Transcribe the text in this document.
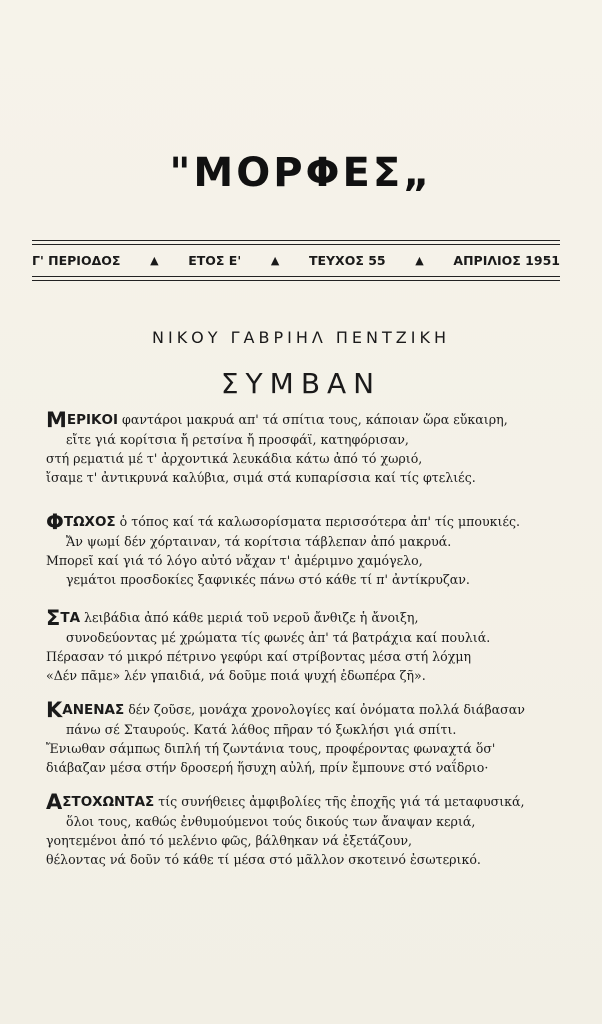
"ΜΟΡΦΕΣ„
Γ' ΠΕΡΙΟΔΟΣ	▲ ΕΤΟΣ Ε'	▲ ΤΕΥΧΟΣ 55	▲ ΑΠΡΙΛΙΟΣ 1951
ΝΙΚΟΥ ΓΑΒΡΙΗΛ ΠΕΝΤΖΙΚΗ
ΣΥΜΒΑΝ
ΜΕΡΙΚΟΙ φαντάροι μακρυά απ' τά σπίτια τους, κάποιαν ὥρα εὔκαιρη,
εἴτε γιά κορίτσια ἤ ρετσίνα ἤ προσφάϊ, κατηφόρισαν,
στή ρεματιά μέ τ' ἀρχοντικά λευκάδια κάτω ἀπό τό χωριό,
ἴσαμε τ' ἀντικρυνά καλύβια, σιμά στά κυπαρίσσια καί τίς φτελιές.
ΦΤΩΧΟΣ ὁ τόπος καί τά καλωσορίσματα περισσότερα ἀπ' τίς μπουκιές.
Ἄν ψωμί δέν χόρταιναν, τά κορίτσια τάβλεπαν ἀπό μακρυά.
Μπορεῖ καί γιά τό λόγο αὐτό νἄχαν τ' ἀμέριμνο χαμόγελο,
γεμάτοι προσδοκίες ξαφνικές πάνω στό κάθε τί π' ἀντίκρυζαν.
ΣΤΑ λειβάδια ἀπό κάθε μεριά τοῦ νεροῦ ἄνθιζε ἡ ἄνοιξη,
συνοδεύοντας μέ χρώματα τίς φωνές ἀπ' τά βατράχια καί πουλιά.
Πέρασαν τό μικρό πέτρινο γεφύρι καί στρίβοντας μέσα στή λόχμη
«Δέν πᾶμε» λέν γπαιδιά, νά δοῦμε ποιά ψυχή ἐδωπέρα ζῆ».
ΚΑΝΕΝΑΣ δέν ζοῦσε, μονάχα χρονολογίες καί ὀνόματα πολλά διάβασαν
πάνω σέ Σταυρούς. Κατά λάθος πῆραν τό ξωκλήσι γιά σπίτι.
Ἔνιωθαν σάμπως διπλή τή ζωντάνια τους, προφέροντας φωναχτά ὅσ'
διάβαζαν μέσα στήν δροσερή ἥσυχη αὐλή, πρίν ἔμπουνε στό ναΐδριο·
ΑΣΤΟΧΩΝΤΑΣ τίς συνήθειες ἀμφιβολίες τῆς ἐποχῆς γιά τά μεταφυσικά,
ὅλοι τους, καθώς ἐνθυμούμενοι τούς δικούς των ἄναψαν κεριά,
γοητεμένοι ἀπό τό μελένιο φῶς, βάλθηκαν νά ἐξετάζουν,
θέλοντας νά δοῦν τό κάθε τί μέσα στό μᾶλλον σκοτεινό ἐσωτερικό.
